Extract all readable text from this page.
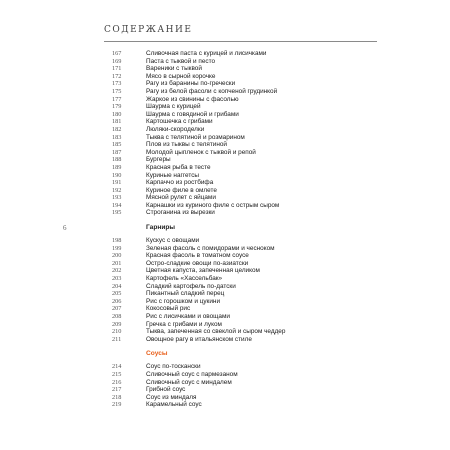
СОДЕРЖАНИЕ
6
167	Сливочная паста с курицей и лисичками
169	Паста с тыквой и песто
171	Вареники с тыквой
172	Мясо в сырной корочке
173	Рагу из баранины по-гречески
175	Рагу из белой фасоли с копченой грудинкой
177	Жаркое из свинины с фасолью
179	Шаурма с курицей
180	Шаурма с говядиной и грибами
181	Картошечка с грибами
182	Люляки-скороделки
183	Тыква с телятиной и розмарином
185	Плов из тыквы с телятиной
187	Молодой цыпленок с тыквой и репой
188	Бургеры
189	Красная рыба в тесте
190	Куриные наггетсы
191	Карпаччо из ростбифа
192	Куриное филе в омлете
193	Мясной рулет с яйцами
194	Карнашки из куриного филе с острым сыром
195	Строганина из вырезки
Гарниры
198	Кускус с овощами
199	Зеленая фасоль с помидорами и чесноком
200	Красная фасоль в томатном соусе
201	Остро-сладкие овощи по-азиатски
202	Цветная капуста, запеченная целиком
203	Картофель «Хассельбак»
204	Сладкий картофель по-датски
205	Пикантный сладкий перец
206	Рис с горошком и цукини
207	Кокосовый рис
208	Рис с лисичками и овощами
209	Гречка с грибами и луком
210	Тыква, запеченная со свеклой и сыром чеддер
211	Овощное рагу в итальянском стиле
Соусы
214	Соус по-тоскански
215	Сливочный соус с пармезаном
216	Сливочный соус с миндалем
217	Грибной соус
218	Соус из миндаля
219	Карамельный соус
